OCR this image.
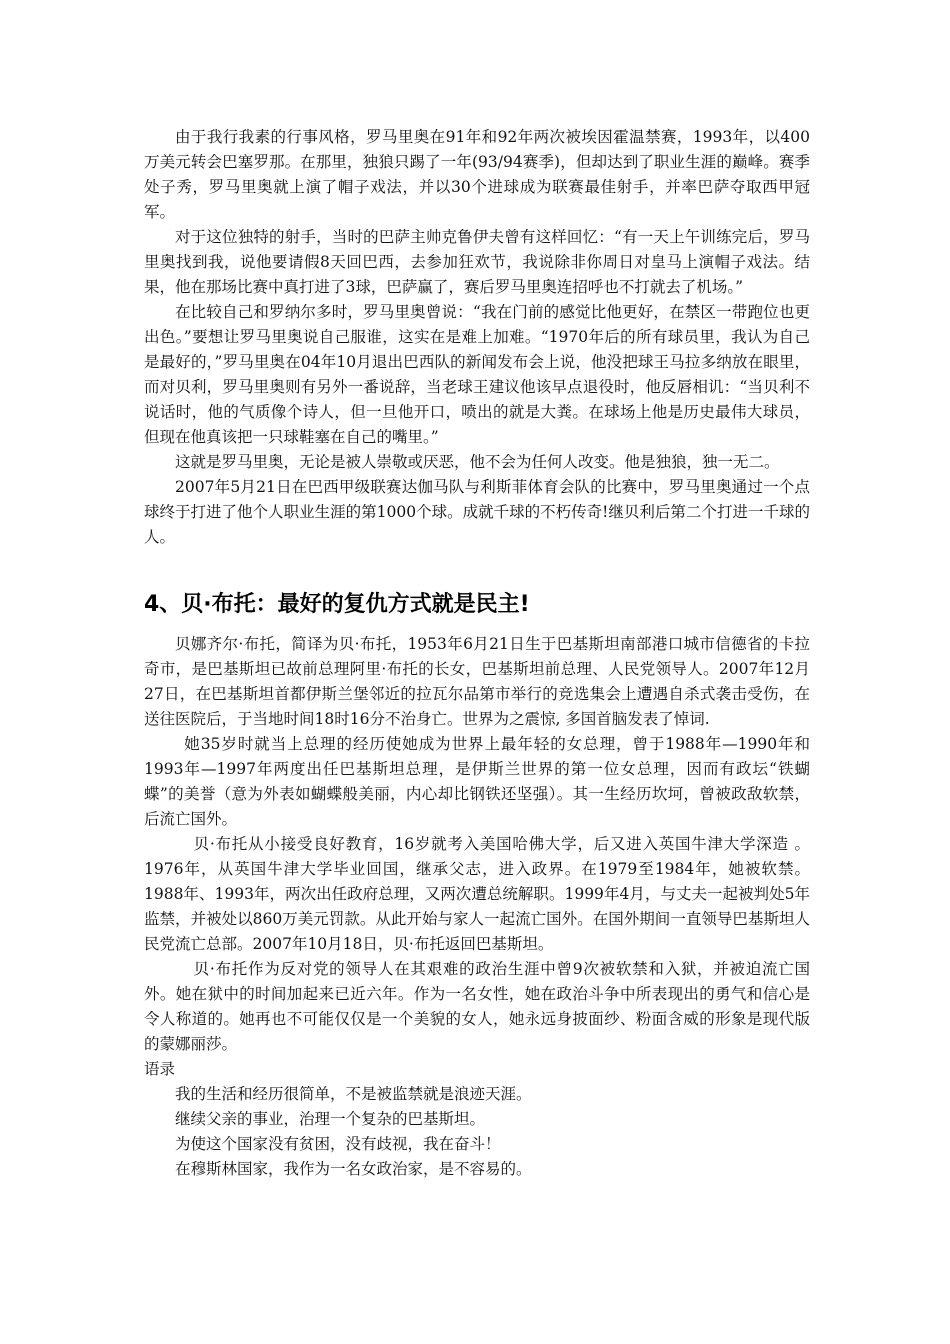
由于我行我素的行事风格，罗马里奥在91年和92年两次被埃因霍温禁赛，1993年，以400万美元转会巴塞罗那。在那里，独狼只踢了一年(93/94赛季)，但却达到了职业生涯的巅峰。赛季处子秀，罗马里奥就上演了帽子戏法，并以30个进球成为联赛最佳射手，并率巴萨夺取西甲冠军。

对于这位独特的射手，当时的巴萨主帅克鲁伊夫曾有这样回忆：“有一天上午训练完后，罗马里奥找到我，说他要请假8天回巴西，去参加狂欢节，我说除非你周日对皇马上演帽子戏法。结果，他在那场比赛中真打进了3球，巴萨赢了，赛后罗马里奥连招呼也不打就去了机场。”

在比较自己和罗纳尔多时，罗马里奥曾说：“我在门前的感觉比他更好，在禁区一带跑位也更出色。”要想让罗马里奥说自己服谁，这实在是难上加难。“1970年后的所有球员里，我认为自己是最好的，”罗马里奥在04年10月退出巴西队的新闻发布会上说，他没把球王马拉多纳放在眼里，而对贝利，罗马里奥则有另外一番说辞，当老球王建议他该早点退役时，他反唇相讥：“当贝利不说话时，他的气质像个诗人，但一旦他开口，喷出的就是大粪。在球场上他是历史最伟大球员，但现在他真该把一只球鞋塞在自己的嘴里。”

这就是罗马里奥，无论是被人崇敬或厌恶，他不会为任何人改变。他是独狼，独一无二。

2007年5月21日在巴西甲级联赛达伽马队与利斯菲体育会队的比赛中，罗马里奥通过一个点球终于打进了他个人职业生涯的第1000个球。成就千球的不朽传奇!继贝利后第二个打进一千球的人。

4、贝·布托：最好的复仇方式就是民主!

贝娜齐尔·布托，简译为贝·布托，1953年6月21日生于巴基斯坦南部港口城市信德省的卡拉奇市，是巴基斯坦已故前总理阿里·布托的长女，巴基斯坦前总理、人民党领导人。2007年12月27日，在巴基斯坦首都伊斯兰堡邻近的拉瓦尔品第市举行的竞选集会上遭遇自杀式袭击受伤，在送往医院后，于当地时间18时16分不治身亡。世界为之震惊, 多国首脑发表了悼词.

她35岁时就当上总理的经历使她成为世界上最年轻的女总理，曾于1988年—1990年和1993年—1997年两度出任巴基斯坦总理，是伊斯兰世界的第一位女总理，因而有政坛“铁蝴蝶”的美誉（意为外表如蝴蝶般美丽，内心却比钢铁还坚强）。其一生经历坎坷，曾被政敌软禁，后流亡国外。

贝·布托从小接受良好教育，16岁就考入美国哈佛大学，后又进入英国牛津大学深造 。1976年，从英国牛津大学毕业回国，继承父志，进入政界。在1979至1984年，她被软禁。1988年、1993年，两次出任政府总理，又两次遭总统解职。1999年4月，与丈夫一起被判处5年监禁，并被处以860万美元罚款。从此开始与家人一起流亡国外。在国外期间一直领导巴基斯坦人民党流亡总部。2007年10月18日，贝·布托返回巴基斯坦。

贝·布托作为反对党的领导人在其艰难的政治生涯中曾9次被软禁和入狱，并被迫流亡国外。她在狱中的时间加起来已近六年。作为一名女性，她在政治斗争中所表现出的勇气和信心是令人称道的。她再也不可能仅仅是一个美貌的女人，她永远身披面纱、粉面含威的形象是现代版的蒙娜丽莎。

语录

我的生活和经历很简单，不是被监禁就是浪迹天涯。

继续父亲的事业，治理一个复杂的巴基斯坦。

为使这个国家没有贫困，没有歧视，我在奋斗！

在穆斯林国家，我作为一名女政治家，是不容易的。
